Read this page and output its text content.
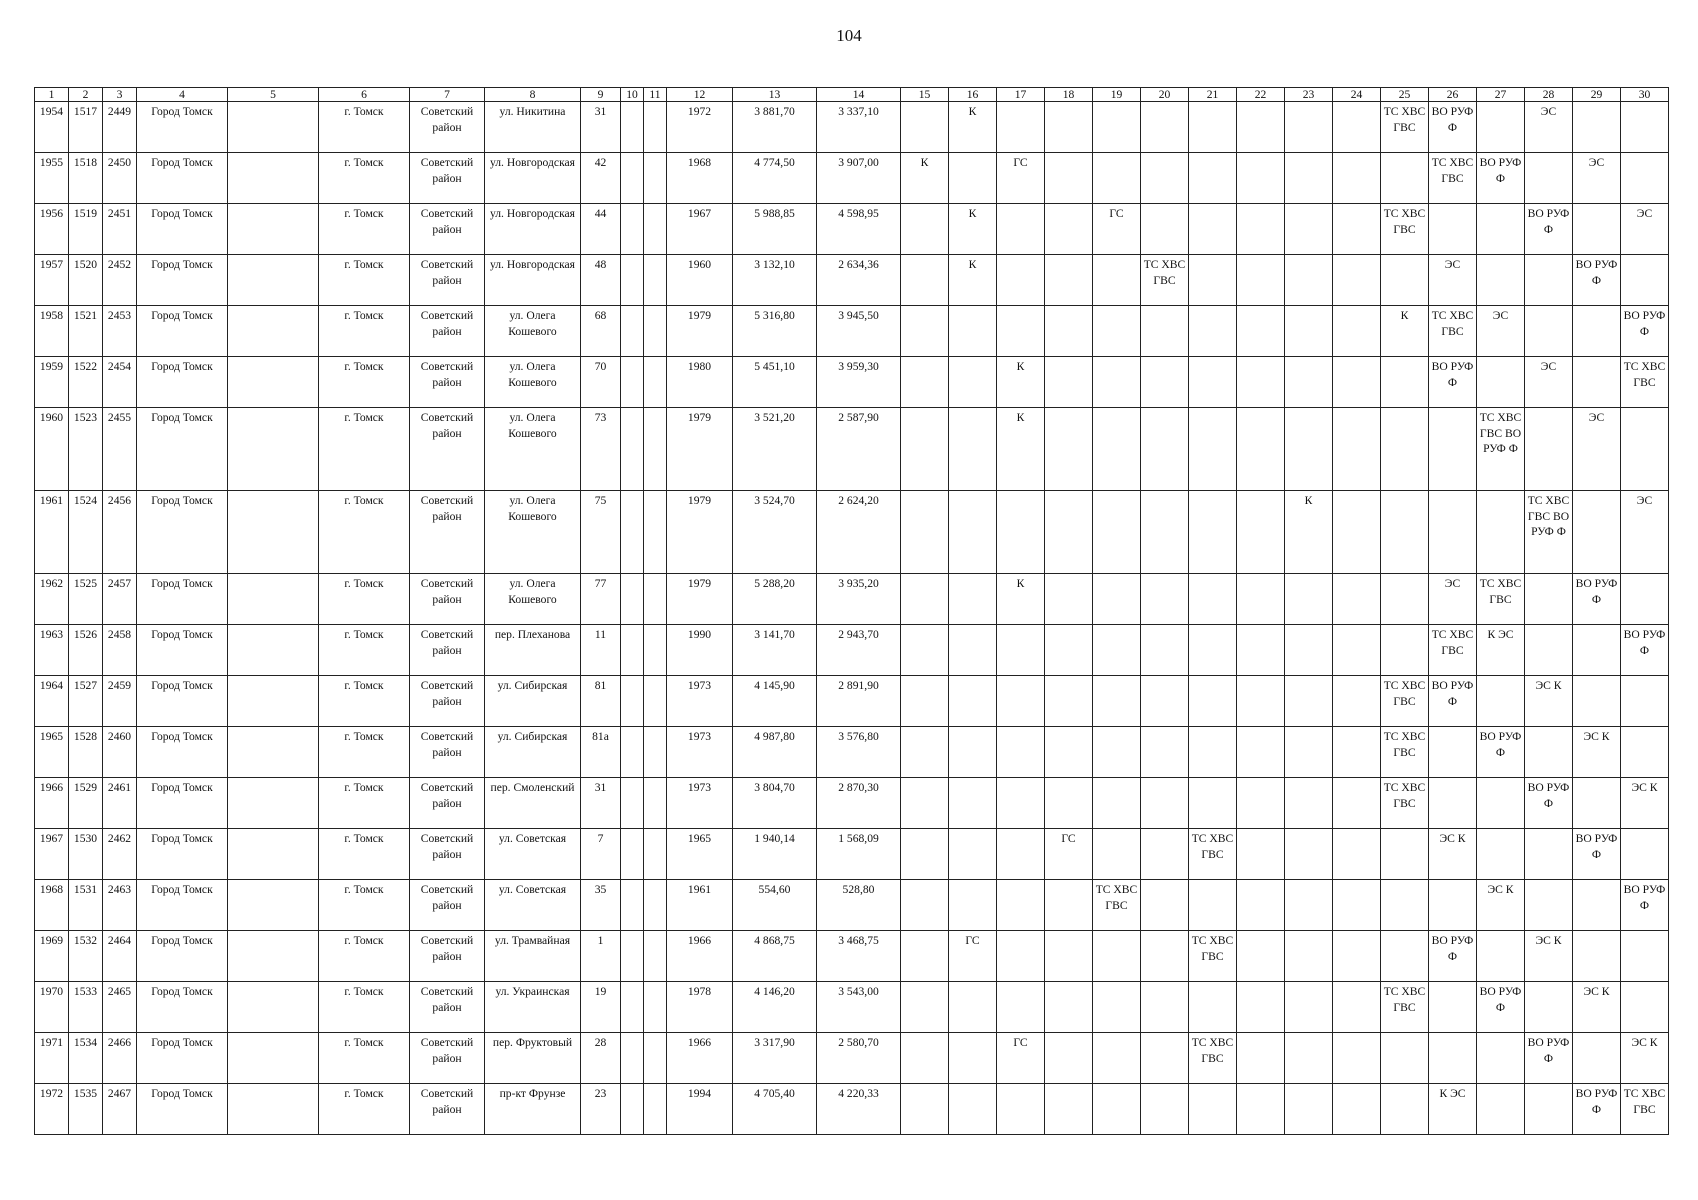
104
1	2	3	4	5	6	7	8	9	10	11	12	13	14	15	16	17	18	19	20	21	22	23	24	25	26	27	28	29	30
1954	1517	2449	Город Томск		г. Томск	Советский район	ул. Никитина	31			1972	3 881,70	3 337,10		К									ТС ХВС ГВС	ВО РУФ Ф		ЭС		
1955	1518	2450	Город Томск		г. Томск	Советский район	ул. Новгородская	42			1968	4 774,50	3 907,00	К		ГС									ТС ХВС ГВС	ВО РУФ Ф		ЭС	
1956	1519	2451	Город Томск		г. Томск	Советский район	ул. Новгородская	44			1967	5 988,85	4 598,95		К			ГС						ТС ХВС ГВС			ВО РУФ Ф		ЭС
1957	1520	2452	Город Томск		г. Томск	Советский район	ул. Новгородская	48			1960	3 132,10	2 634,36		К				ТС ХВС ГВС						ЭС			ВО РУФ Ф	
1958	1521	2453	Город Томск		г. Томск	Советский район	ул. Олега Кошевого	68			1979	5 316,80	3 945,50											К	ТС ХВС ГВС	ЭС			ВО РУФ Ф
1959	1522	2454	Город Томск		г. Томск	Советский район	ул. Олега Кошевого	70			1980	5 451,10	3 959,30			К									ВО РУФ Ф		ЭС		ТС ХВС ГВС
1960	1523	2455	Город Томск		г. Томск	Советский район	ул. Олега Кошевого	73			1979	3 521,20	2 587,90			К										ТС ХВС ГВС ВО РУФ Ф		ЭС	
1961	1524	2456	Город Томск		г. Томск	Советский район	ул. Олега Кошевого	75			1979	3 524,70	2 624,20									К					ТС ХВС ГВС ВО РУФ Ф		ЭС
1962	1525	2457	Город Томск		г. Томск	Советский район	ул. Олега Кошевого	77			1979	5 288,20	3 935,20			К									ЭС	ТС ХВС ГВС		ВО РУФ Ф	
1963	1526	2458	Город Томск		г. Томск	Советский район	пер. Плеханова	11			1990	3 141,70	2 943,70												ТС ХВС ГВС	К ЭС			ВО РУФ Ф
1964	1527	2459	Город Томск		г. Томск	Советский район	ул. Сибирская	81			1973	4 145,90	2 891,90											ТС ХВС ГВС	ВО РУФ Ф		ЭС К		
1965	1528	2460	Город Томск		г. Томск	Советский район	ул. Сибирская	81а			1973	4 987,80	3 576,80											ТС ХВС ГВС		ВО РУФ Ф		ЭС К	
1966	1529	2461	Город Томск		г. Томск	Советский район	пер. Смоленский	31			1973	3 804,70	2 870,30											ТС ХВС ГВС			ВО РУФ Ф		ЭС К
1967	1530	2462	Город Томск		г. Томск	Советский район	ул. Советская	7			1965	1 940,14	1 568,09				ГС			ТС ХВС ГВС					ЭС К			ВО РУФ Ф	
1968	1531	2463	Город Томск		г. Томск	Советский район	ул. Советская	35			1961	554,60	528,80					ТС ХВС ГВС								ЭС К			ВО РУФ Ф
1969	1532	2464	Город Томск		г. Томск	Советский район	ул. Трамвайная	1			1966	4 868,75	3 468,75		ГС					ТС ХВС ГВС					ВО РУФ Ф		ЭС К		
1970	1533	2465	Город Томск		г. Томск	Советский район	ул. Украинская	19			1978	4 146,20	3 543,00											ТС ХВС ГВС		ВО РУФ Ф		ЭС К	
1971	1534	2466	Город Томск		г. Томск	Советский район	пер. Фруктовый	28			1966	3 317,90	2 580,70			ГС				ТС ХВС ГВС							ВО РУФ Ф		ЭС К
1972	1535	2467	Город Томск		г. Томск	Советский район	пр-кт Фрунзе	23			1994	4 705,40	4 220,33												К ЭС			ВО РУФ Ф	ТС ХВС ГВС
